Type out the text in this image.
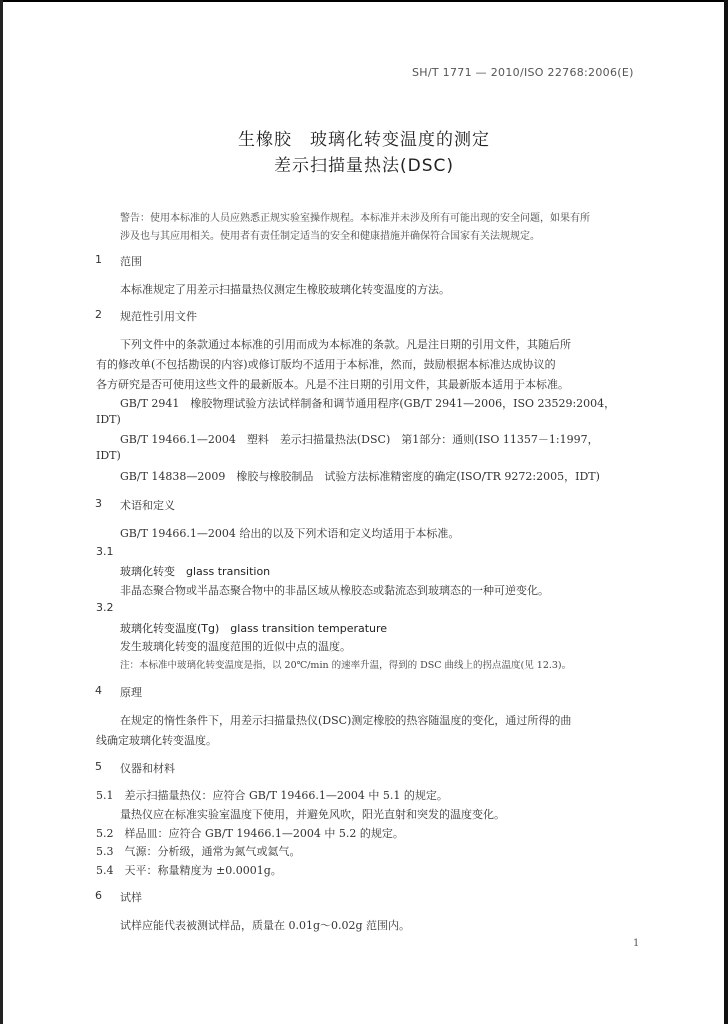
SH/T 1771 — 2010/ISO 22768:2006(E)
生橡胶　玻璃化转变温度的测定
差示扫描量热法(DSC)
警告：使用本标准的人员应熟悉正规实验室操作规程。本标准并未涉及所有可能出现的安全问题，如果有所
涉及也与其应用相关。使用者有责任制定适当的安全和健康措施并确保符合国家有关法规规定。
1 范围
本标准规定了用差示扫描量热仪测定生橡胶玻璃化转变温度的方法。
2 规范性引用文件
下列文件中的条款通过本标准的引用而成为本标准的条款。凡是注日期的引用文件，其随后所
有的修改单(不包括勘误的内容)或修订版均不适用于本标准，然而，鼓励根据本标准达成协议的
各方研究是否可使用这些文件的最新版本。凡是不注日期的引用文件，其最新版本适用于本标准。
GB/T 2941　橡胶物理试验方法试样制备和调节通用程序(GB/T 2941—2006，ISO 23529:2004，
IDT)
GB/T 19466.1—2004　塑料　差示扫描量热法(DSC)　第1部分：通则(ISO 11357－1:1997，
IDT)
GB/T 14838—2009　橡胶与橡胶制品　试验方法标准精密度的确定(ISO/TR 9272:2005，IDT)
3 术语和定义
GB/T 19466.1—2004 给出的以及下列术语和定义均适用于本标准。
3.1
玻璃化转变　glass transition
非晶态聚合物或半晶态聚合物中的非晶区域从橡胶态或黏流态到玻璃态的一种可逆变化。
3.2
玻璃化转变温度(Tg)　glass transition temperature
发生玻璃化转变的温度范围的近似中点的温度。
注：本标准中玻璃化转变温度是指，以 20℃/min 的速率升温，得到的 DSC 曲线上的拐点温度(见 12.3)。
4 原理
在规定的惰性条件下，用差示扫描量热仪(DSC)测定橡胶的热容随温度的变化，通过所得的曲
线确定玻璃化转变温度。
5 仪器和材料
5.1　差示扫描量热仪：应符合 GB/T 19466.1—2004 中 5.1 的规定。
量热仪应在标准实验室温度下使用，并避免风吹，阳光直射和突发的温度变化。
5.2　样品皿：应符合 GB/T 19466.1—2004 中 5.2 的规定。
5.3　气源：分析级，通常为氮气或氦气。
5.4　天平：称量精度为 ±0.0001g。
6 试样
试样应能代表被测试样品，质量在 0.01g～0.02g 范围内。
1
